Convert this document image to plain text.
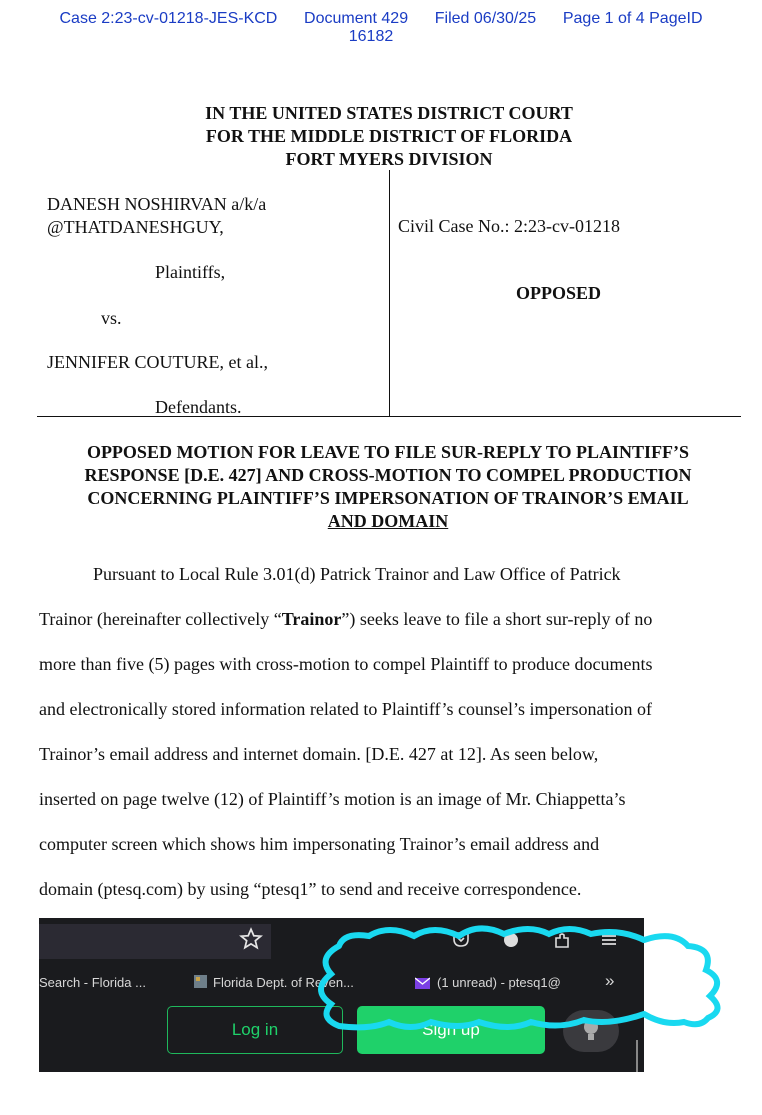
Case 2:23-cv-01218-JES-KCD Document 429 Filed 06/30/25 Page 1 of 4 PageID
16182
IN THE UNITED STATES DISTRICT COURT
FOR THE MIDDLE DISTRICT OF FLORIDA
FORT MYERS DIVISION
DANESH NOSHIRVAN a/k/a
@THATDANESHGUY,
Plaintiffs,
vs.
JENNIFER COUTURE, et al.,
Defendants.
Civil Case No.: 2:23-cv-01218
OPPOSED
OPPOSED MOTION FOR LEAVE TO FILE SUR-REPLY TO PLAINTIFF’S
RESPONSE [D.E. 427] AND CROSS-MOTION TO COMPEL PRODUCTION
CONCERNING PLAINTIFF’S IMPERSONATION OF TRAINOR’S EMAIL
AND DOMAIN

Pursuant to Local Rule 3.01(d) Patrick Trainor and Law Office of Patrick

Trainor (hereinafter collectively “Trainor”) seeks leave to file a short sur-reply of no

more than five (5) pages with cross-motion to compel Plaintiff to produce documents

and electronically stored information related to Plaintiff’s counsel’s impersonation of

Trainor’s email address and internet domain. [D.E. 427 at 12]. As seen below,

inserted on page twelve (12) of Plaintiff’s motion is an image of Mr. Chiappetta’s

computer screen which shows him impersonating Trainor’s email address and

domain (ptesq.com) by using “ptesq1” to send and receive correspondence.

Search - Florida ...	Florida Dept. of Reven...	(1 unread) - ptesq1@	»
Log in	Sign up
